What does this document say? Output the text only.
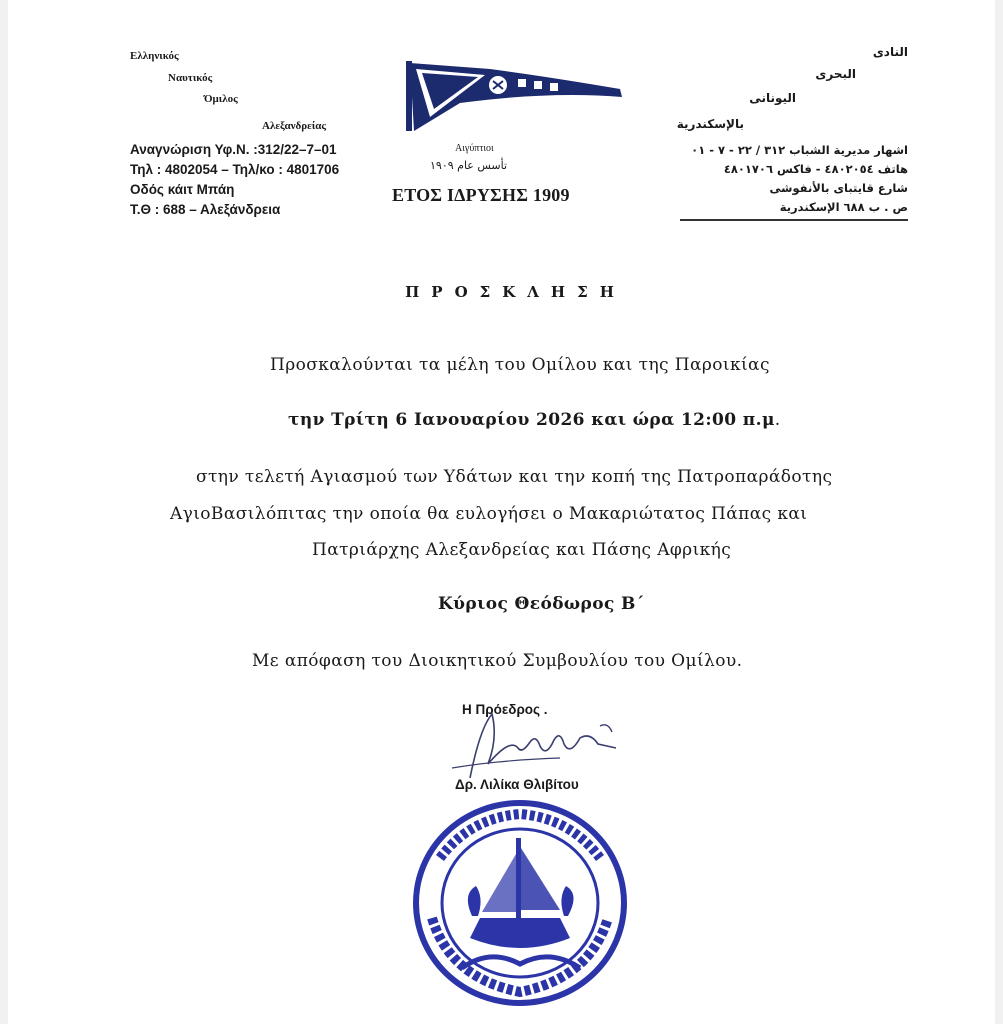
Ελληνικός
Ναυτικός
Όμιλος
Αλεξανδρείας
Αναγνώριση Υφ.Ν. :312/22–7–01
Τηλ : 4802054 – Τηλ/κο : 4801706
Οδός κάιτ Μπάη
Τ.Θ : 688 – Αλεξάνδρεια
Αιγύπτιοι
تأسس عام ١٩٠٩
ΕΤΟΣ ΙΔΡΥΣΗΣ 1909
النادى
البحرى
اليونانى
بالإسكندرية
اشهار مديرية الشباب ٣١٢ / ٢٢ - ٧ - ٠١
هاتف ٤٨٠٢٠٥٤ - فاكس ٤٨٠١٧٠٦
شارع قايتباى بالأنفوشى
ص . ب ٦٨٨ الإسكندرية
ΠΡΟΣΚΛΗΣΗ
Προσκαλούνται τα μέλη του Ομίλου και της Παροικίας
την Τρίτη 6 Ιανουαρίου 2026 και ώρα 12:00 π.μ.
στην τελετή Αγιασμού των Υδάτων και την κοπή της Πατροπαράδοτης
ΑγιοΒασιλόπιτας την οποία θα ευλογήσει ο Μακαριώτατος Πάπας και
Πατριάρχης Αλεξανδρείας και Πάσης Αφρικής
Κύριος Θεόδωρος Β΄
Με απόφαση του Διοικητικού Συμβουλίου του Ομίλου.
Η Πρόεδρος .
Δρ. Λιλίκα Θλιβίτου
